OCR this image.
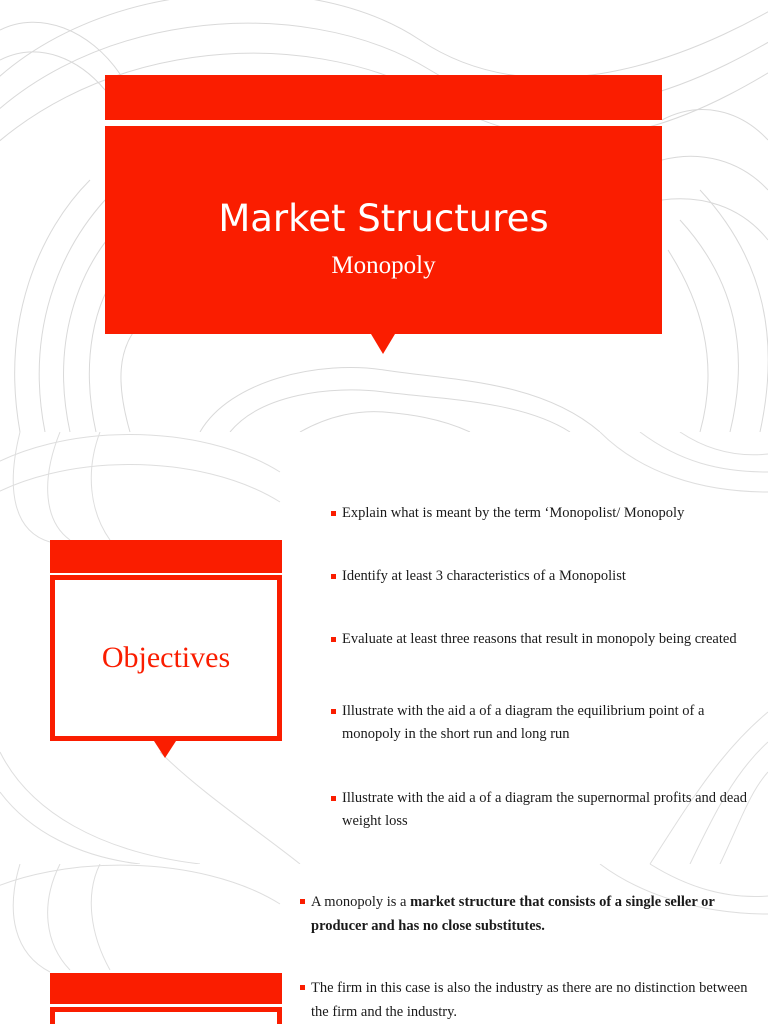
Market Structures
Monopoly
Objectives
Explain what is meant by the term ‘Monopolist/ Monopoly
Identify at least 3 characteristics of a Monopolist
Evaluate at least three reasons that result in monopoly being created
Illustrate with the aid a of a diagram the equilibrium point of a monopoly in the short run and long run
Illustrate with the aid a of a diagram the supernormal profits and dead weight loss
A monopoly is a market structure that consists of a single seller or producer and has no close substitutes.
The firm in this case is also the industry as there are no distinction between the firm and the industry.
